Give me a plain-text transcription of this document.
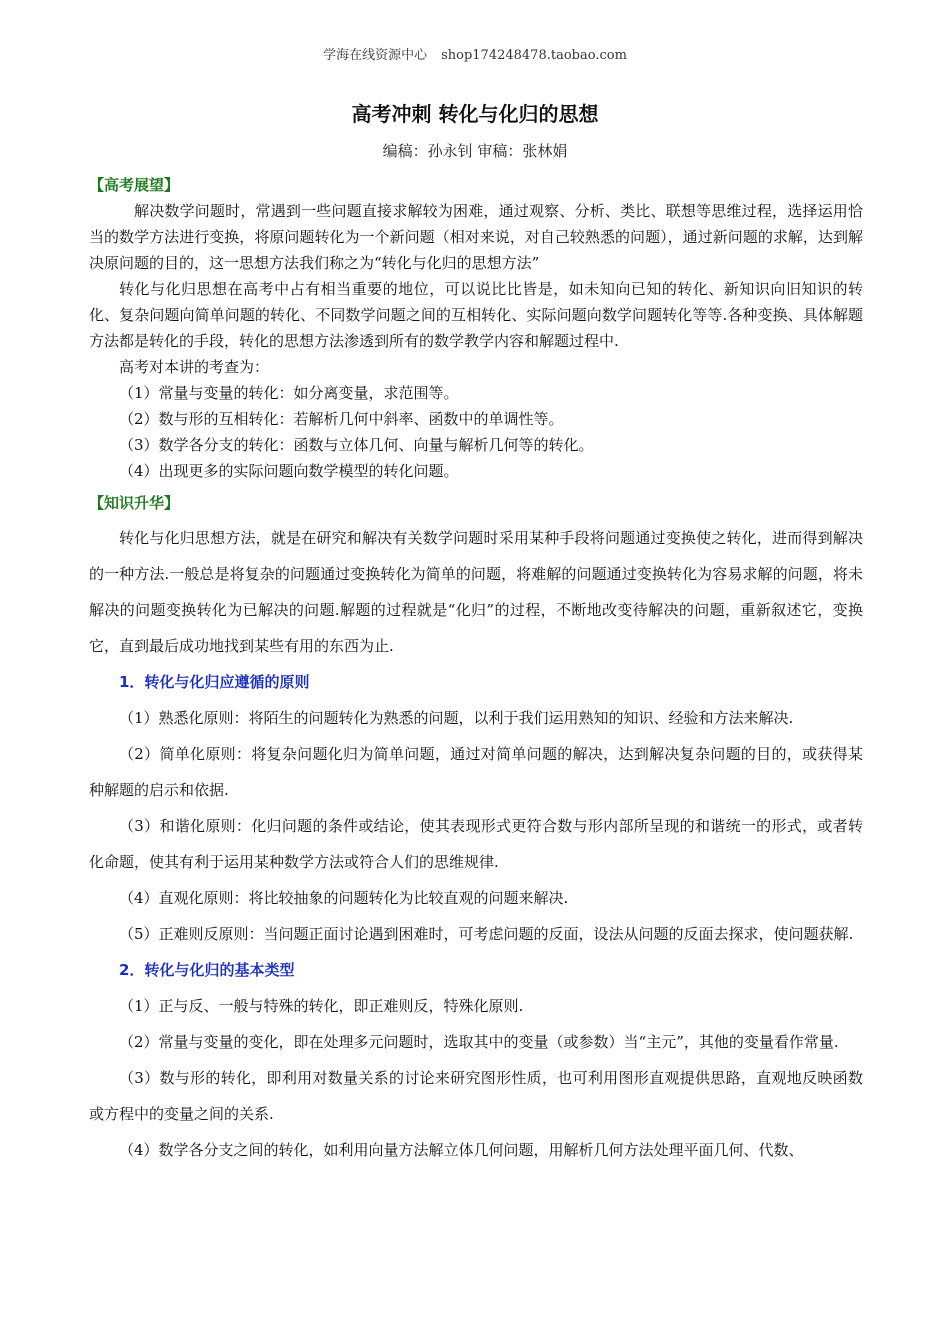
学海在线资源中心 shop174248478.taobao.com
高考冲刺 转化与化归的思想
编稿：孙永钊 审稿：张林娟
【高考展望】

解决数学问题时，常遇到一些问题直接求解较为困难，通过观察、分析、类比、联想等思维过程，选择运用恰当的数学方法进行变换，将原问题转化为一个新问题（相对来说，对自己较熟悉的问题），通过新问题的求解，达到解决原问题的目的，这一思想方法我们称之为“转化与化归的思想方法”

转化与化归思想在高考中占有相当重要的地位，可以说比比皆是，如未知向已知的转化、新知识向旧知识的转化、复杂问题向简单问题的转化、不同数学问题之间的互相转化、实际问题向数学问题转化等等.各种变换、具体解题方法都是转化的手段，转化的思想方法渗透到所有的数学教学内容和解题过程中.

高考对本讲的考查为：
（1）常量与变量的转化：如分离变量，求范围等。
（2）数与形的互相转化：若解析几何中斜率、函数中的单调性等。
（3）数学各分支的转化：函数与立体几何、向量与解析几何等的转化。
（4）出现更多的实际问题向数学模型的转化问题。
【知识升华】

转化与化归思想方法，就是在研究和解决有关数学问题时采用某种手段将问题通过变换使之转化，进而得到解决的一种方法.一般总是将复杂的问题通过变换转化为简单的问题，将难解的问题通过变换转化为容易求解的问题，将未解决的问题变换转化为已解决的问题.解题的过程就是“化归”的过程，不断地改变待解决的问题，重新叙述它，变换它，直到最后成功地找到某些有用的东西为止.

1．转化与化归应遵循的原则

（1）熟悉化原则：将陌生的问题转化为熟悉的问题，以利于我们运用熟知的知识、经验和方法来解决.

（2）简单化原则：将复杂问题化归为简单问题，通过对简单问题的解决，达到解决复杂问题的目的，或获得某种解题的启示和依据.

（3）和谐化原则：化归问题的条件或结论，使其表现形式更符合数与形内部所呈现的和谐统一的形式，或者转化命题，使其有利于运用某种数学方法或符合人们的思维规律.

（4）直观化原则：将比较抽象的问题转化为比较直观的问题来解决.

（5）正难则反原则：当问题正面讨论遇到困难时，可考虑问题的反面，设法从问题的反面去探求，使问题获解.

2．转化与化归的基本类型

（1）正与反、一般与特殊的转化，即正难则反，特殊化原则.

（2）常量与变量的变化，即在处理多元问题时，选取其中的变量（或参数）当“主元”，其他的变量看作常量.

（3）数与形的转化，即利用对数量关系的讨论来研究图形性质，也可利用图形直观提供思路，直观地反映函数或方程中的变量之间的关系.

（4）数学各分支之间的转化，如利用向量方法解立体几何问题，用解析几何方法处理平面几何、代数、
